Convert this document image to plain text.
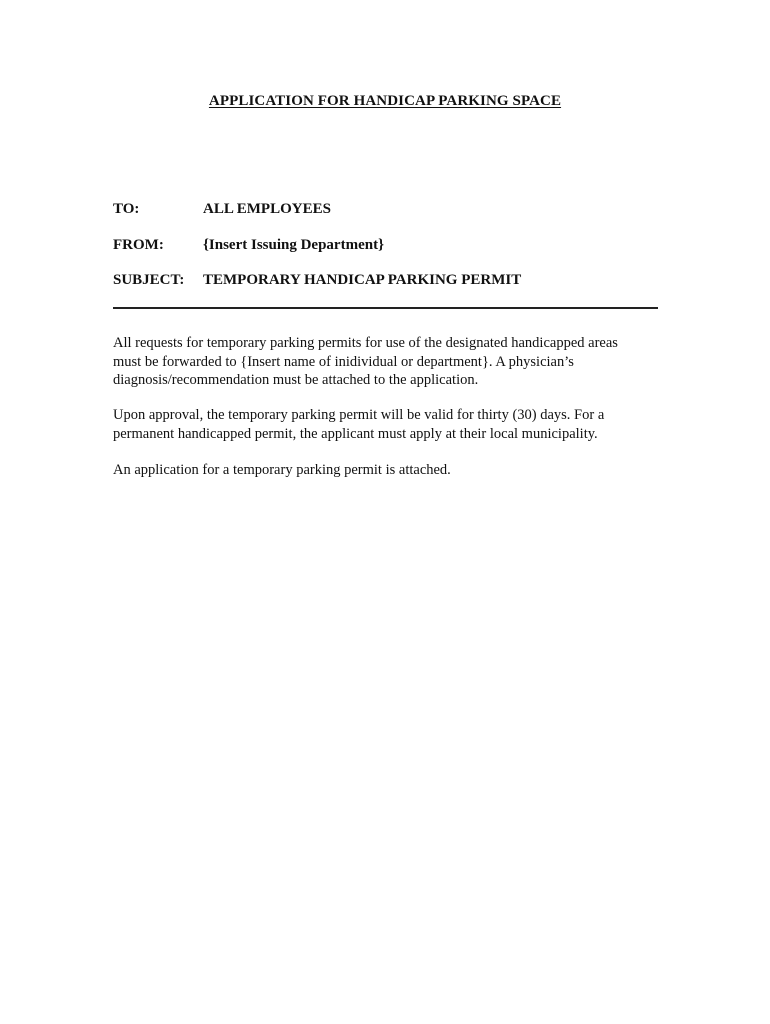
APPLICATION FOR HANDICAP PARKING SPACE
TO:	ALL EMPLOYEES
FROM:	{Insert Issuing Department}
SUBJECT: TEMPORARY HANDICAP PARKING PERMIT

All requests for temporary parking permits for use of the designated handicapped areas
must be forwarded to {Insert name of inidividual or department}. A physician’s
diagnosis/recommendation must be attached to the application.

Upon approval, the temporary parking permit will be valid for thirty (30) days. For a
permanent handicapped permit, the applicant must apply at their local municipality.

An application for a temporary parking permit is attached.
